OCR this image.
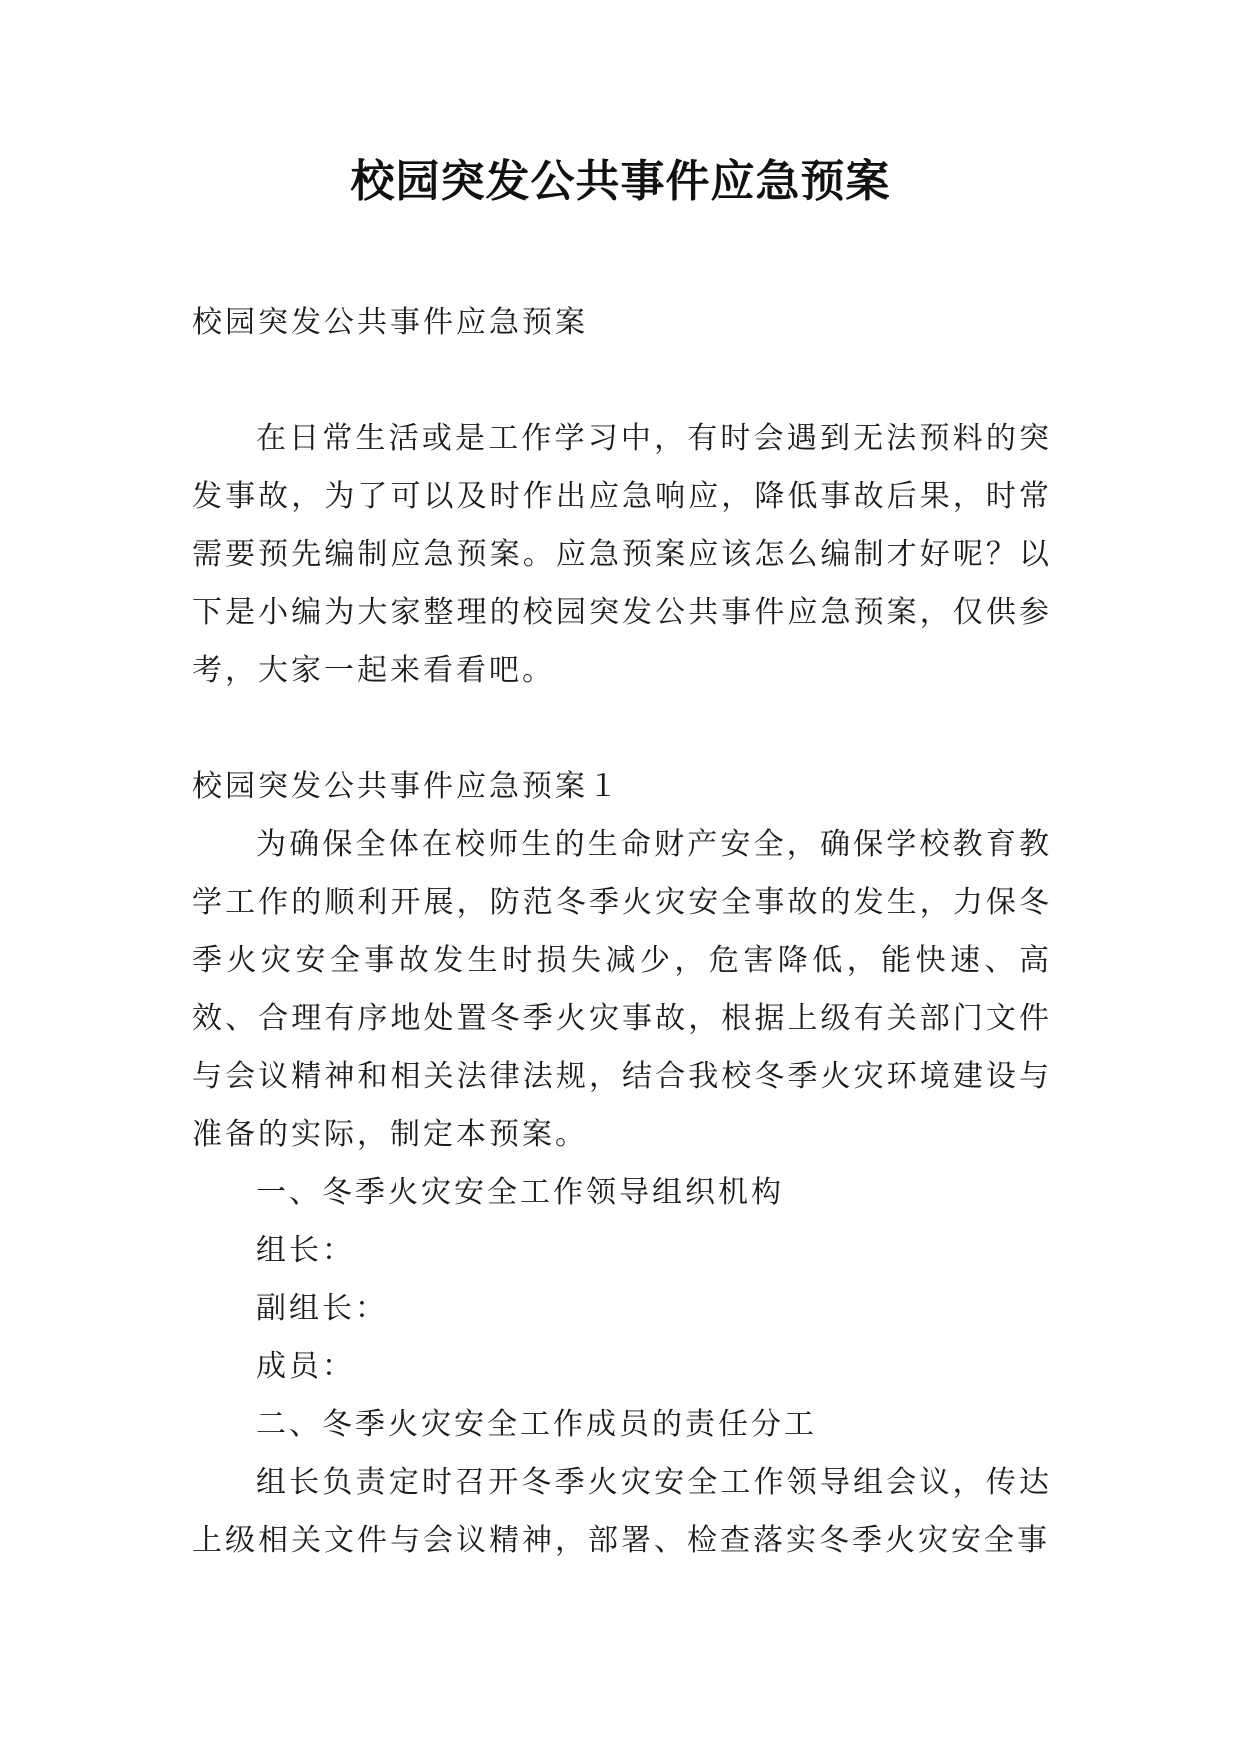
校园突发公共事件应急预案

校园突发公共事件应急预案

在日常生活或是工作学习中，有时会遇到无法预料的突发事故，为了可以及时作出应急响应，降低事故后果，时常需要预先编制应急预案。应急预案应该怎么编制才好呢？以下是小编为大家整理的校园突发公共事件应急预案，仅供参考，大家一起来看看吧。

校园突发公共事件应急预案１

为确保全体在校师生的生命财产安全，确保学校教育教学工作的顺利开展，防范冬季火灾安全事故的发生，力保冬季火灾安全事故发生时损失减少，危害降低，能快速、高效、合理有序地处置冬季火灾事故，根据上级有关部门文件与会议精神和相关法律法规，结合我校冬季火灾环境建设与准备的实际，制定本预案。

一、冬季火灾安全工作领导组织机构

组长：

副组长：

成员：

二、冬季火灾安全工作成员的责任分工

组长负责定时召开冬季火灾安全工作领导组会议，传达上级相关文件与会议精神，部署、检查落实冬季火灾安全事
